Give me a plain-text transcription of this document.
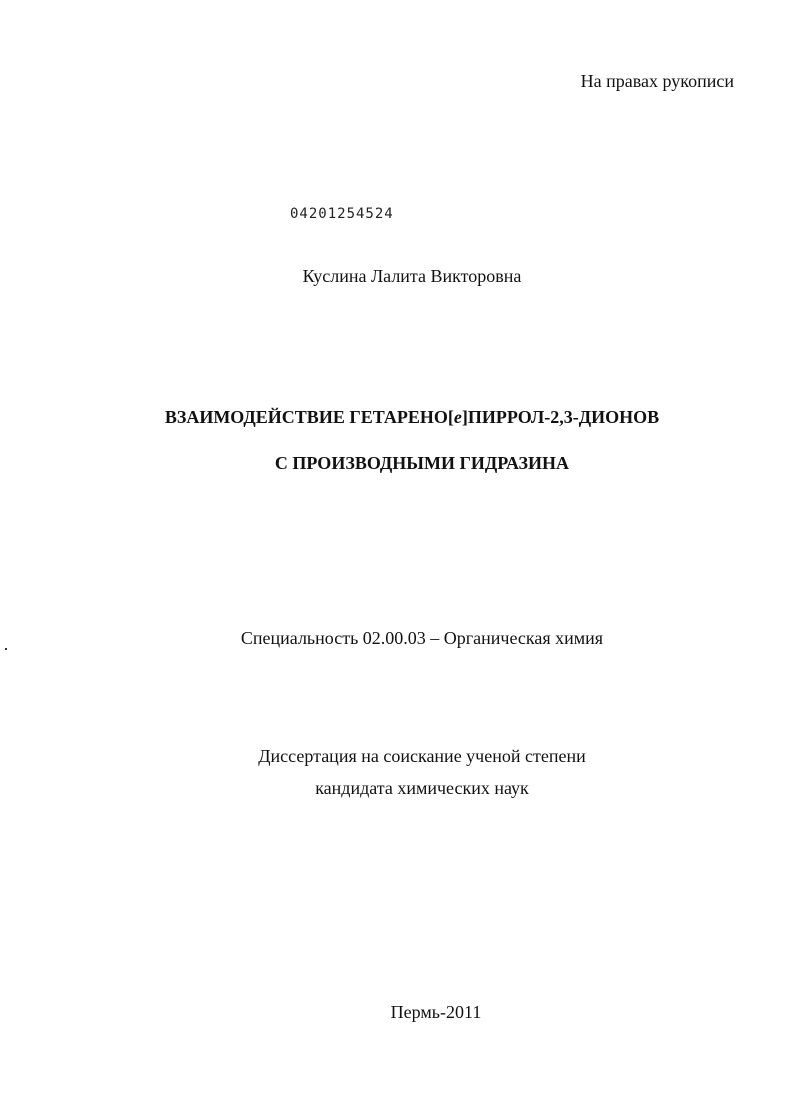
На правах рукописи
04201254524
Куслина Лалита Викторовна
ВЗАИМОДЕЙСТВИЕ ГЕТАРЕНО[e]ПИРРОЛ-2,3-ДИОНОВ
С ПРОИЗВОДНЫМИ ГИДРАЗИНА
Специальность 02.00.03 – Органическая химия
Диссертация на соискание ученой степени
кандидата химических наук
Пермь-2011
